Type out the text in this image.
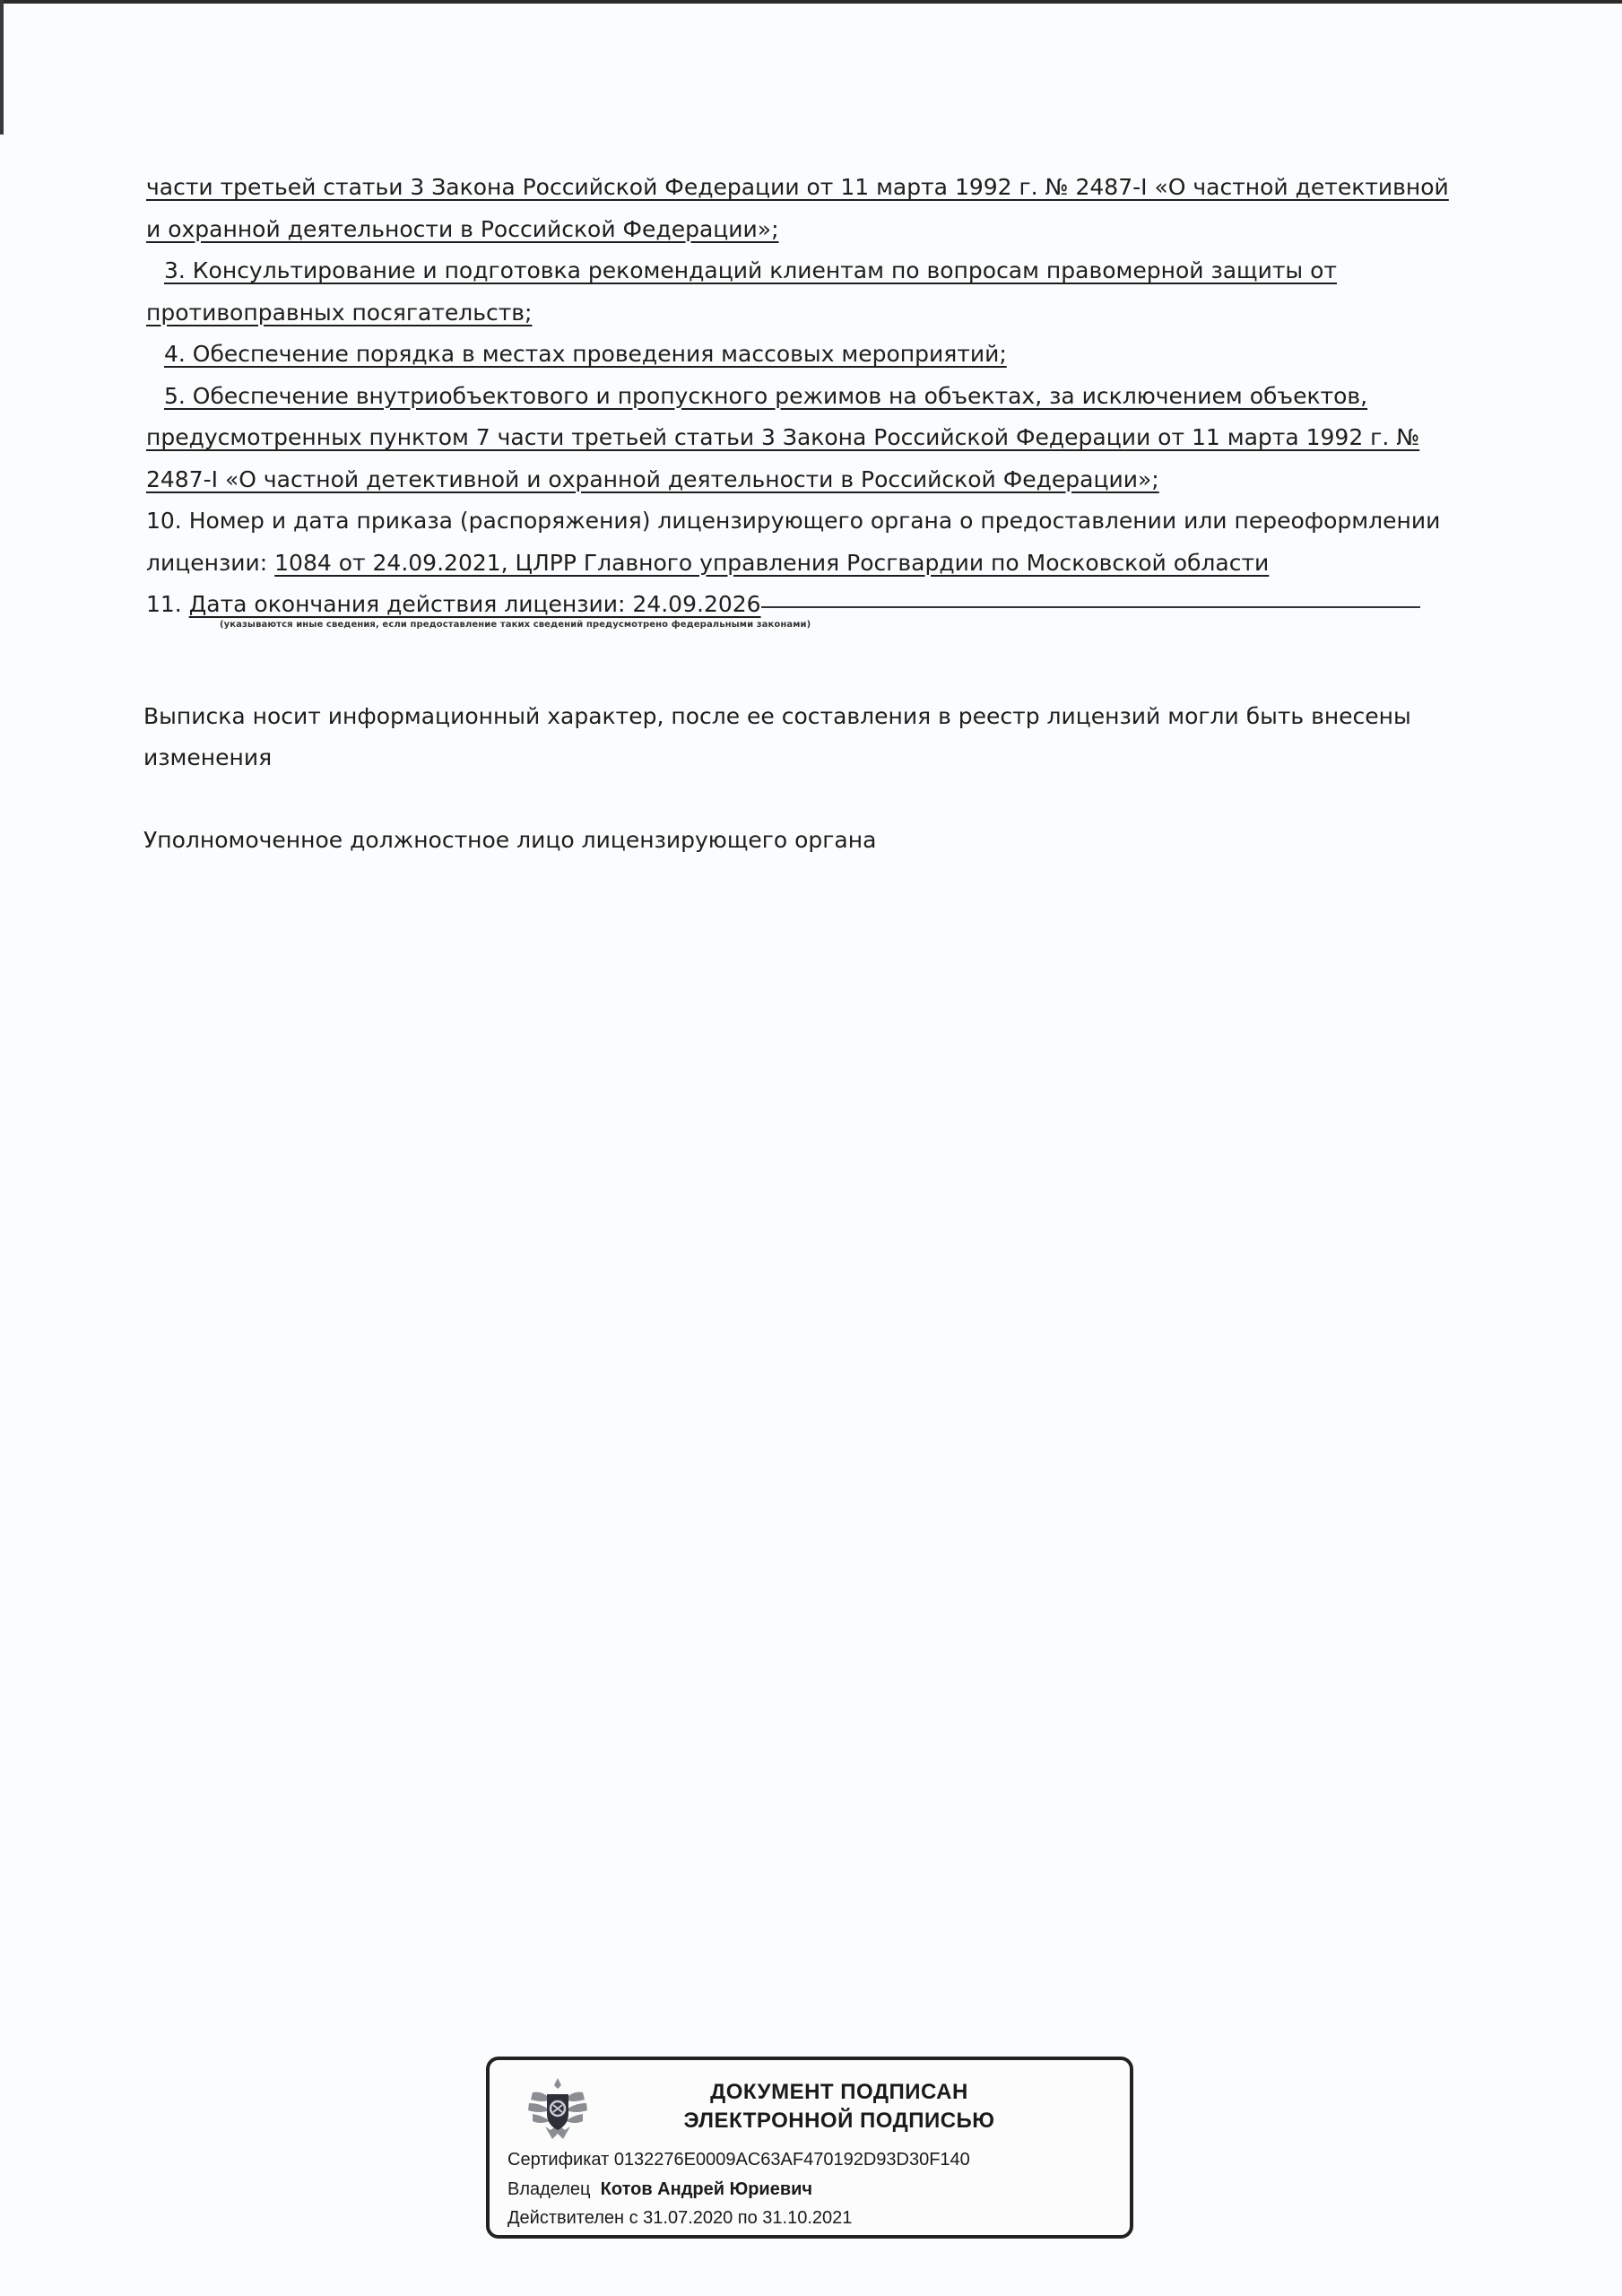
части третьей статьи 3 Закона Российской Федерации от 11 марта 1992 г. № 2487-I «О частной детективной
и охранной деятельности в Российской Федерации»;
3. Консультирование и подготовка рекомендаций клиентам по вопросам правомерной защиты от
противоправных посягательств;
4. Обеспечение порядка в местах проведения массовых мероприятий;
5. Обеспечение внутриобъектового и пропускного режимов на объектах, за исключением объектов,
предусмотренных пунктом 7 части третьей статьи 3 Закона Российской Федерации от 11 марта 1992 г. №
2487-I «О частной детективной и охранной деятельности в Российской Федерации»;
10. Номер и дата приказа (распоряжения) лицензирующего органа о предоставлении или переоформлении
лицензии: 1084 от 24.09.2021, ЦЛРР Главного управления Росгвардии по Московской области
11. Дата окончания действия лицензии: 24.09.2026
(указываются иные сведения, если предоставление таких сведений предусмотрено федеральными законами)
Выписка носит информационный характер, после ее составления в реестр лицензий могли быть внесены изменения
Уполномоченное должностное лицо лицензирующего органа
ДОКУМЕНТ ПОДПИСАН
ЭЛЕКТРОННОЙ ПОДПИСЬЮ
Сертификат 0132276E0009AC63AF470192D93D30F140
Владелец Котов Андрей Юриевич
Действителен с 31.07.2020 по 31.10.2021
